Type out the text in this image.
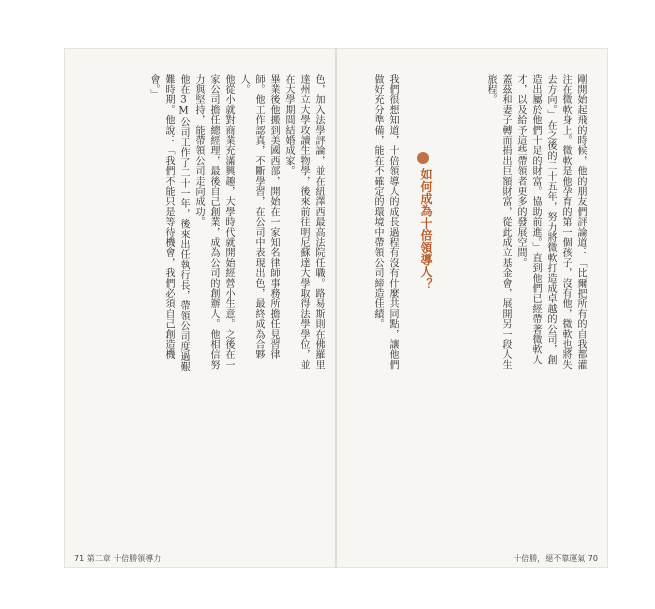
色，加入法學評論，並在紐澤西最高法院任職。路易斯則在佛羅里達州立大學攻讀生物學，後來前往明尼蘇達大學取得法學學位，並在大學期間結婚成家。

畢業後他搬到美國西部，開始在一家知名律師事務所擔任見習律師。他工作認真，不斷學習，在公司中表現出色，最終成為合夥人。

他從小就對商業充滿興趣，大學時代就開始經營小生意。之後在一家公司擔任總經理，最後自己創業，成為公司的創辦人。他相信努力與堅持，能帶領公司走向成功。

他在3M公司工作了二十一年，後來出任執行長，帶領公司度過艱難時期。他說：「我們不能只是等待機會，我們必須自己創造機會。」

71 第二章 十倍勝領導力

剛開始起飛的時候，他的朋友們評論道：「比爾把所有的自我都灌注在微軟身上。微軟是他孕育的第一個孩子，沒有他，微軟也將失去方向。」在之後的二十五年，努力將微軟打造成卓越的公司，創造出屬於他們十足的財富。協助前進。」直到他們已經帶著微軟人才，以及給予這些帶領者更多的發展空間。

蓋茲和妻子轉而捐出巨額財富，從此成立基金會，展開另一段人生旅程。

如何成為十倍領導人？

我們很想知道，十倍領導人的成長過程有沒有什麼共同點，讓他們做好充分準備，能在不確定的環境中帶領公司締造佳績。

十倍勝，絕不靠運氣 70
